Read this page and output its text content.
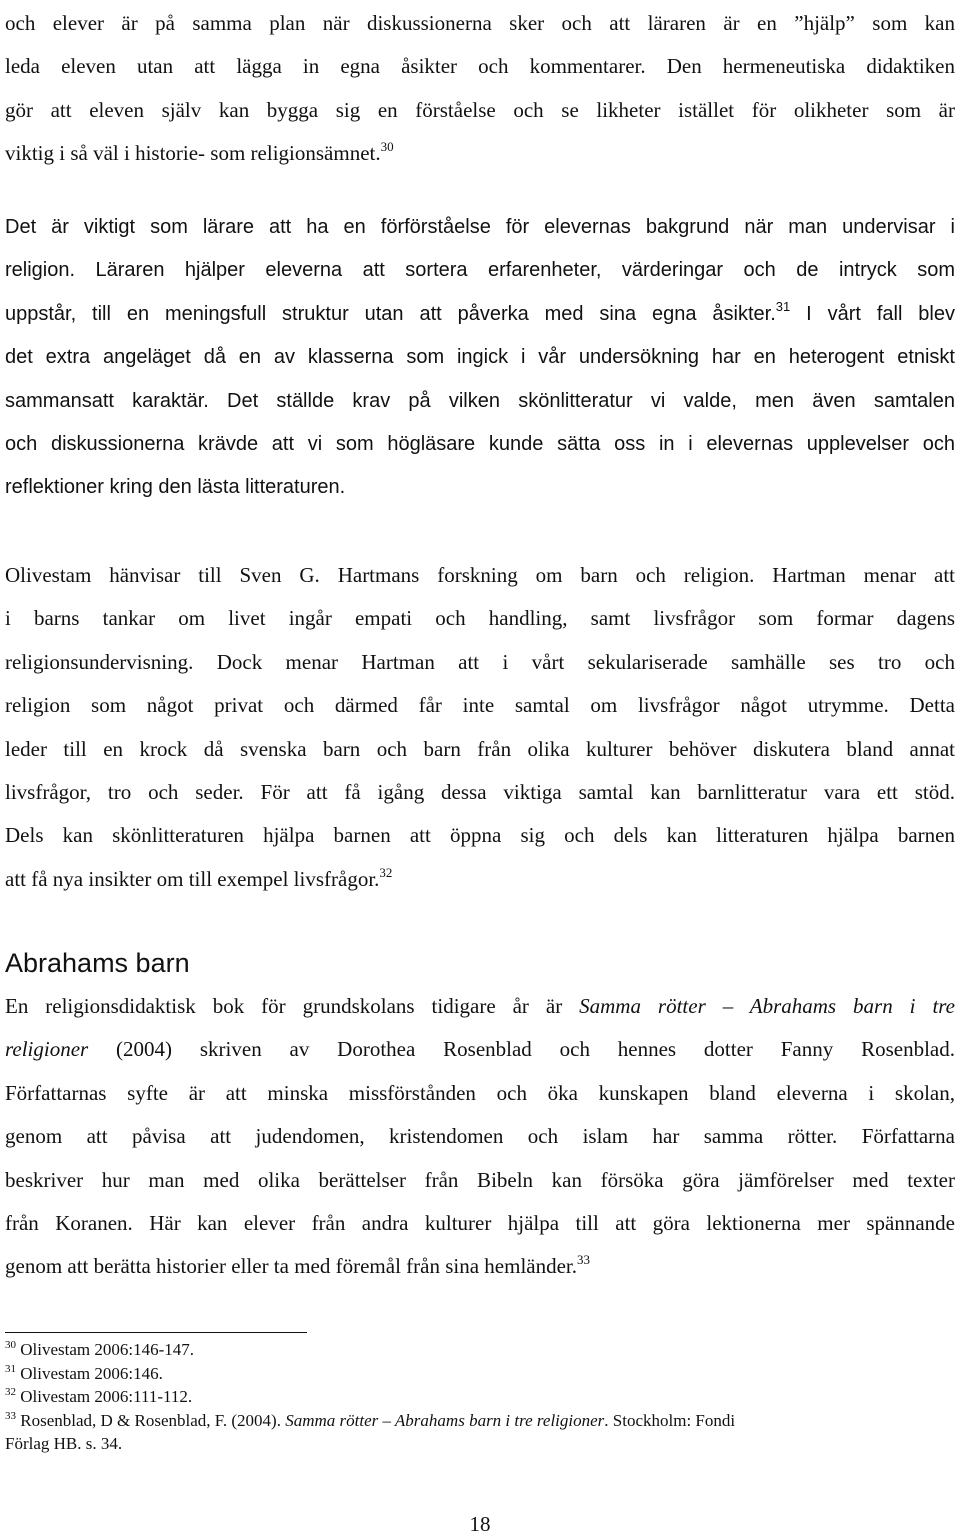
och elever är på samma plan när diskussionerna sker och att läraren är en ”hjälp” som kan
leda eleven utan att lägga in egna åsikter och kommentarer. Den hermeneutiska didaktiken
gör att eleven själv kan bygga sig en förståelse och se likheter istället för olikheter som är
viktig i så väl i historie- som religionsämnet.$^{30}$
Det är viktigt som lärare att ha en förförståelse för elevernas bakgrund när man undervisar i
religion. Läraren hjälper eleverna att sortera erfarenheter, värderingar och de intryck som
uppstår, till en meningsfull struktur utan att påverka med sina egna åsikter.$^{31}$ I vårt fall blev
det extra angeläget då en av klasserna som ingick i vår undersökning har en heterogent etniskt
sammansatt karaktär. Det ställde krav på vilken skönlitteratur vi valde, men även samtalen
och diskussionerna krävde att vi som högläsare kunde sätta oss in i elevernas upplevelser och
reflektioner kring den lästa litteraturen.
Olivestam hänvisar till Sven G. Hartmans forskning om barn och religion. Hartman menar att
i barns tankar om livet ingår empati och handling, samt livsfrågor som formar dagens
religionsundervisning. Dock menar Hartman att i vårt sekulariserade samhälle ses tro och
religion som något privat och därmed får inte samtal om livsfrågor något utrymme. Detta
leder till en krock då svenska barn och barn från olika kulturer behöver diskutera bland annat
livsfrågor, tro och seder. För att få igång dessa viktiga samtal kan barnlitteratur vara ett stöd.
Dels kan skönlitteraturen hjälpa barnen att öppna sig och dels kan litteraturen hjälpa barnen
att få nya insikter om till exempel livsfrågor.$^{32}$
Abrahams barn
En religionsdidaktisk bok för grundskolans tidigare år är Samma rötter – Abrahams barn i tre
religioner (2004) skriven av Dorothea Rosenblad och hennes dotter Fanny Rosenblad.
Författarnas syfte är att minska missförstånden och öka kunskapen bland eleverna i skolan,
genom att påvisa att judendomen, kristendomen och islam har samma rötter. Författarna
beskriver hur man med olika berättelser från Bibeln kan försöka göra jämförelser med texter
från Koranen. Här kan elever från andra kulturer hjälpa till att göra lektionerna mer spännande
genom att berätta historier eller ta med föremål från sina hemländer.$^{33}$
$^{30}$ Olivestam 2006:146-147.
$^{31}$ Olivestam 2006:146.
$^{32}$ Olivestam 2006:111-112.
$^{33}$ Rosenblad, D & Rosenblad, F. (2004). Samma rötter – Abrahams barn i tre religioner. Stockholm: Fondi
Förlag HB. s. 34.
18
